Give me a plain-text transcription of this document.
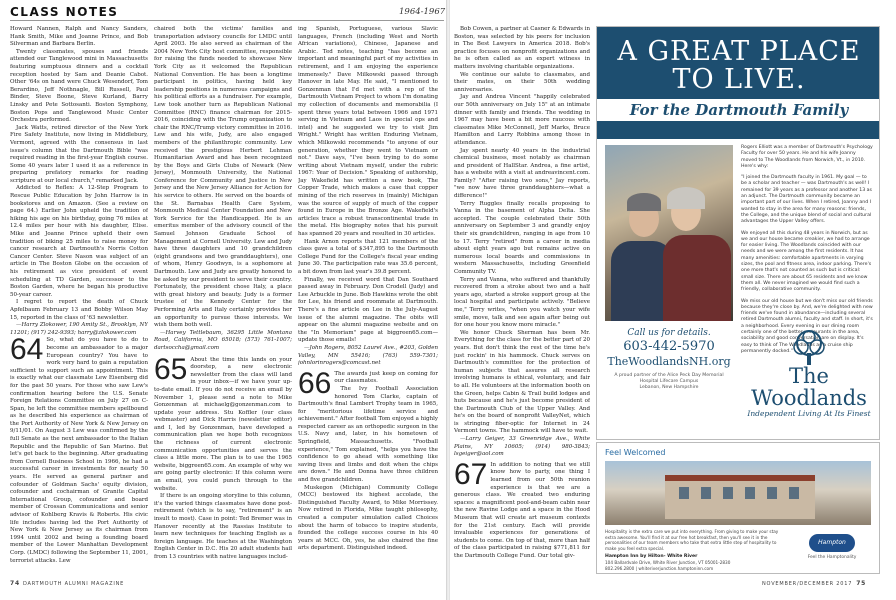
CLASS NOTES	1964-1967

Howard Nannen, Ralph and Nancy Sanders, Hank Smith, Mike and Joanne Prince, and Bob Silverman and Barbara Berlin.

Twenty classmates, spouses and friends attended our Tanglewood mini in Massachusetts featuring sumptuous dinners and a cocktail reception hosted by Sam and Deanie Cabot. Other '64s on hand were Chuck Wesendorf, Tom Berardino, Jeff Nothnagle, Bill Russell, Paul Binder, Steve Boone, Steve Kurland, Barry Linsky and Pete Sottosanti. Boston Symphony, Boston Pops and Tanglewood Music Center Orchestra performed.

Jack Watts, retired director of the New York Fire Safety Institute, now living in Middlebury, Vermont, agreed with the consensus in last issue's column that the Dartmouth Bible "was required reading in the first-year English course. Some 40 years later I used it as a reference in preparing prefatory remarks for reading scripture at our local church," remarked Jack.

Addicted to Reflex: A 12-Step Program to Rescue Public Education by John Harrow is in bookstores and on Amazon. (See a review on page 64.) Earlier John upheld the tradition of hiking his age on his birthday, going 76 miles at 12.4 miles per hour with his daughter, Elise. Mike and Joanne Prince upheld their own tradition of biking 25 miles to raise money for cancer research at Dartmouth's Norris Cotton Cancer Center. Steve Nason was subject of an article in The Boston Globe on the occasion of his retirement as vice president of event scheduling at TD Garden, successor to the Boston Garden, where he began his productive 50-year career.

I regret to report the death of Chuck Apfelbaum February 13 and Bobby Wilson May 15, reported in the class of '63 newsletter.

—Harry Zlokower, 190 Amity St., Brooklyn, NY 11201; (917) 242-9393; harry@zlokower.com

64 So, what do you have to do to become an ambassador to a major European country? You have to work very hard to gain a reputation sufficient to support such an appointment. This is exactly what our classmate Lew Eisenberg did for the past 50 years. For those who saw Lew's confirmation hearing before the U.S. Senate Foreign Relations Committee on July 27 on C-Span, he left the committee members spellbound as he described his experience as chairman of the Port Authority of New York & New Jersey on 9/11/01. On August 3 Lew was confirmed by the full Senate as the next ambassador to the Italian Republic and the Republic of San Marino. But let's get back to the beginning. After graduating from Cornell Business School in 1966, he had a successful career in investments for nearly 50 years. He served as general partner and cofounder of Goldman Sachs' equity division, cofounder and cochairman of Granite Capital International Group, cofounder and board member of Crossan Communications and senior advisor of Kohlberg Kravis & Roberts. His civic life includes having led the Port Authority of New York & New Jersey as its chairman from 1994 until 2002 and being a founding board member of the Lower Manhattan Development Corp. (LMDC) following the September 11, 2001, terrorist attacks. Lew

chaired both the victims' families and transportation advisory councils for LMDC until April 2003. He also served as chairman of the 2004 New York City host committee, responsible for raising the funds needed to showcase New York City as it welcomed the Republican National Convention. He has been a longtime participant in politics, having held key leadership positions in numerous campaigns and his political efforts as a fundraiser. For example, Lew took another turn as Republican National Committee (RNC) finance chairman for 2015-2016, coinciding with the Trump organization to chair the RNC/Trump victory committee in 2016. Lew and his wife, Judy, are also engaged members of the philanthropic community. Lew received the prestigious Herbert Lehman Humanitarian Award and has been recognized by the Boys and Girls Clubs of Newark (New Jersey), Monmouth University, the National Conference for Community and Justice in New Jersey and the New Jersey Alliance for Action for his service to others. He served on the boards of the St. Barnabas Health Care System, Monmouth Medical Center Foundation and New York Service for the Handicapped. He is an emeritus member of the advisory council of the Samuel Johnson Graduate School of Management at Cornell University. Lew and Judy have three daughters and 10 grandchildren (eight grandsons and two granddaughters), one of whom, Henry Goodwyn, is a sophomore at Dartmouth. Lew and Judy are greatly honored to be asked by our president to serve their country. Fortunately, the president chose Italy, a place with great history and beauty. Judy is a former trustee of the Kennedy Center for the Performing Arts and Italy certainly provides her an opportunity to pursue those interests. We wish them both well.

—Harvey Tettlebaum, 36295 Little Montana Road, California, MO 65018; (573) 761-1007; dartsoccha@gmail.com

65 About the time this lands on your doorstep, a new electronic newsletter from the class will land in your inbox—if we have your up-to-date email. If you do not receive an email by November 1, please send a note to Mike Gonzenman at michaelg@gonzenman.com to update your address. Stu Koffler (our class webmaster) and Dick Harris (newsletter editor) and I, led by Gonzenman, have developed a communication plan we hope both recognizes the richness of current electronic communication opportunities and serves the class a little more. The plan is to use the 1965 website, biggreen65.com. An example of why we are going partly electronic: If this column were an email, you could punch through to the website.

If there is an ongoing storyline to this column, it's the varied things classmates have done post-retirement (which is to say, "retirement" is an insult to most). Case in point: Ted Bremer was in Hanover recently at the Rassias Institute to learn new techniques for teaching English as a foreign language. He teaches at the Washington English Center in D.C. His 20 adult students hail from 13 countries with native languages includ-

ing Spanish, Portuguese, various Slavic languages, French (including West and North African variations), Chinese, Japanese and Arabic. Ted notes, teaching "has become an important and meaningful part of my activities in retirement, and I am enjoying the experience immensely." Dave Milkowski passed through Hanover in late May. He said, "I mentioned to Gonzenman that I'd met with a rep of the Dartmouth Vietnam Project to whom I'm donating my collection of documents and memorabilia (I spent three years total between 1966 and 1971 serving in Vietnam and Laos in special ops and intel) and he suggested we try to visit Jim Wright." Wright has written Enduring Vietnam, which Milkowski recommends "to anyone of our generation, whether they went to Vietnam or not." Dave says, "I've been trying to do some writing about Vietnam myself, under the rubric 1967: Year of Decision." Speaking of authorship, Jay Wakefield has written a new book, The Copper Trade, which makes a case that copper mining of the rich reserves in (mainly) Michigan was the source of supply of much of the copper found in Europe in the Bronze Age. Wakefield's articles trace a robust transcontinental trade in the metal. His biography notes that his pursuit has spanned 20 years and resulted in 30 articles.

Hank Arnon reports that 121 members of the class gave a total of $347,895 to the Dartmouth College Fund for the College's fiscal year ending June 30. The participation rate was 35.6 percent, a bit down from last year's 39.8 percent.

Finally, we received word that Dan Southard passed away in February. Don Crodell (Judy) and Lee Arbuckle in June. Bob Hawkins wrote the obit for Lee, his friend and roommate at Dartmouth. There's a fine article on Lee in the July-August issue of the alumni magazine. The obits will appear on the alumni magazine website and on the "In Memoriam" page at biggreen65.com—update those emails!

—John Rogers, 8052 Laurel Ave., #203, Golden Valley, MN 55416; (763) 559-7301; johnlorinrogers@comcast.net

66 The awards just keep on coming for our classmates.

The Ivy Football Association honored Tom Clarke, captain of Dartmouth's final Lambert Trophy team in 1965, for "meritorious lifetime service and achievement." After football Tom enjoyed a highly respected career as an orthopedic surgeon in the U.S. Navy and, later, in his hometown of Springfield, Massachusetts. "Football experience," Tom explained, "helps you have the confidence to go ahead with something like saving lives and limbs and doit when the chips are down." He and Donna have three children and five grandchildren.

Muskegon (Michigan) Community College (MCC) bestowed its highest accolade, the Distinguished Faculty Award, to Mike Morrissey. Now retired in Florida, Mike taught philosophy, created a computer simulation called Choices about the harm of tobacco to inspire students, founded the college success course in his 40 years at MCC. Oh, yes, he also chaired the fine arts department. Distinguished indeed.

Bob Cowen, a partner at Casner & Edwards in Boston, was selected by his peers for inclusion in The Best Lawyers in America 2018. Bob's practice focuses on nonprofit organizations and he is often called as an expert witness in matters involving charitable organizations.

We continue our salute to classmates, and their mates, on their 50th wedding anniversaries.

Jay and Andrea Vincent "happily celebrated our 50th anniversary on July 15" at an intimate dinner with family and friends. The wedding in 1967 may have been a bit more raucous with classmates Mike McConnell, Jeff Marks, Bruce Hamilton and Larry Robbins among those in attendance.

Jay spent nearly 40 years in the industrial chemical business, most notably as chairman and president of HallStar. Andrea, a fine artist, has a website with a visit at andreavincent.com. Family? "After raising two sons," Jay reports, "we now have three granddaughters—what a difference!"

Terry Ruggles finally recalls proposing to Vanna in the basement of Alpha Delta. She accepted. The couple celebrated their 50th anniversary on September 3 and grandly enjoy their six grandchildren, ranging in age from 10 to 17. Terry "retired" from a career in media about eight years ago but remains active on numerous local boards and commissions in western Massachusetts, including Greenfield Community TV.

Terry and Vanna, who suffered and thankfully recovered from a stroke about two and a half years ago, started a stroke support group at the local hospital and participate actively. "Believe me," Terry writes, "when you watch your wife smile, move, talk and see again after being out for one hour you know more miracle."

We honor Chuck Sherman has been Mr. Everything for the class for the better part of 20 years. But don't think the rest of the time he's just rockin' in his hammock. Chuck serves on Dartmouth's committee for the protection of human subjects that assures all research involving humans is ethical, voluntary, and fair to all. He volunteers at the information booth on the Green, helps Cabin & Trail build lodges and huts because and he's just become president of the Dartmouth Club of the Upper Valley. And he's on the board of nonprofit ValleyNet, which is stringing fiber-optic for Internet in 24 Vermont towns. The hammock will have to wait.

—Larry Geiger, 33 Greenridge Ave., White Plains, NY 10605; (914) 980-3843; lsgeiger@aol.com

67 In addition to noting that we still know how to party, one thing I learned from our 50th reunion experience is that we are a generous class. We created two enduring spaces: a magnificent pool-and-beam cabin near the new Ravine Lodge and a space in the Hood Museum that will create art museum contexts for the 21st century. Each will provide invaluable experiences for generations of students to come. On top of that, more than half of the class participated in raising $771,811 for the Dartmouth College Fund. Our total giv-

A GREAT PLACE
TO LIVE.
For the Dartmouth Family

Rogers Elliott was a member of Dartmouth's Psychology Faculty for over 50 years. He and his wife Joanny moved to The Woodlands from Norwich, Vt., in 2010. Here's why:

"I joined the Dartmouth faculty in 1961. My goal — to be a scholar and teacher — was Dartmouth's as well! I remained for 39 years as a professor and another 13 as an adjunct. The Dartmouth community became an important part of our lives. When I retired, Joanny and I wanted to stay in the area for many reasons: friends, the College, and the unique blend of social and cultural advantages the Upper Valley offers.

We enjoyed all this during 48 years in Norwich, but as we and our house became creakier, we had to arrange for easier living. The Woodlands coincided with our needs and we were among the first residents. It has many amenities: comfortable apartments in varying sizes, the pool and fitness area, indoor parking. There's one more that's not counted as such but is critical: small size. There are about 65 residents and we know them all. We never imagined we would find such a friendly, collaborative community.

We miss our old house but we don't miss our old friends because they're close by. And, we're delighted with new friends we've found in abundance—including several retired Dartmouth alumni, faculty and staff. In short, it's a neighborhood. Every evening in our dining room certainly one of the better restaurants in the area, sociability and good conversation are on display. It's easy to think of The Woodlands as a cruise ship permanently docked."

Call us for details.
603-442-5970
TheWoodlandsNH.org
A proud partner of the Alice Peck Day Memorial Hospital Lifecare Campus
Lebanon, New Hampshire	The Woodlands
Independent Living At Its Finest
Feel Welcomed
Hospitality is the extra care we put into everything. From giving to make your stay extra awesome. You'll find it at our free hot breakfast, then you'll see it in the personalities of our team members who take that extra little step of hospitality to make you feel extra special.
Hampton Inn by Hilton- White River
104 Ballardvale Drive, White River Junction, VT 05001-2830
802.296.2800 | whiteriverjunction.hamptoninn.com
Hampton
Feel the Hamptonality
74 DARTMOUTH ALUMNI MAGAZINE	NOVEMBER/DECEMBER 2017 75
